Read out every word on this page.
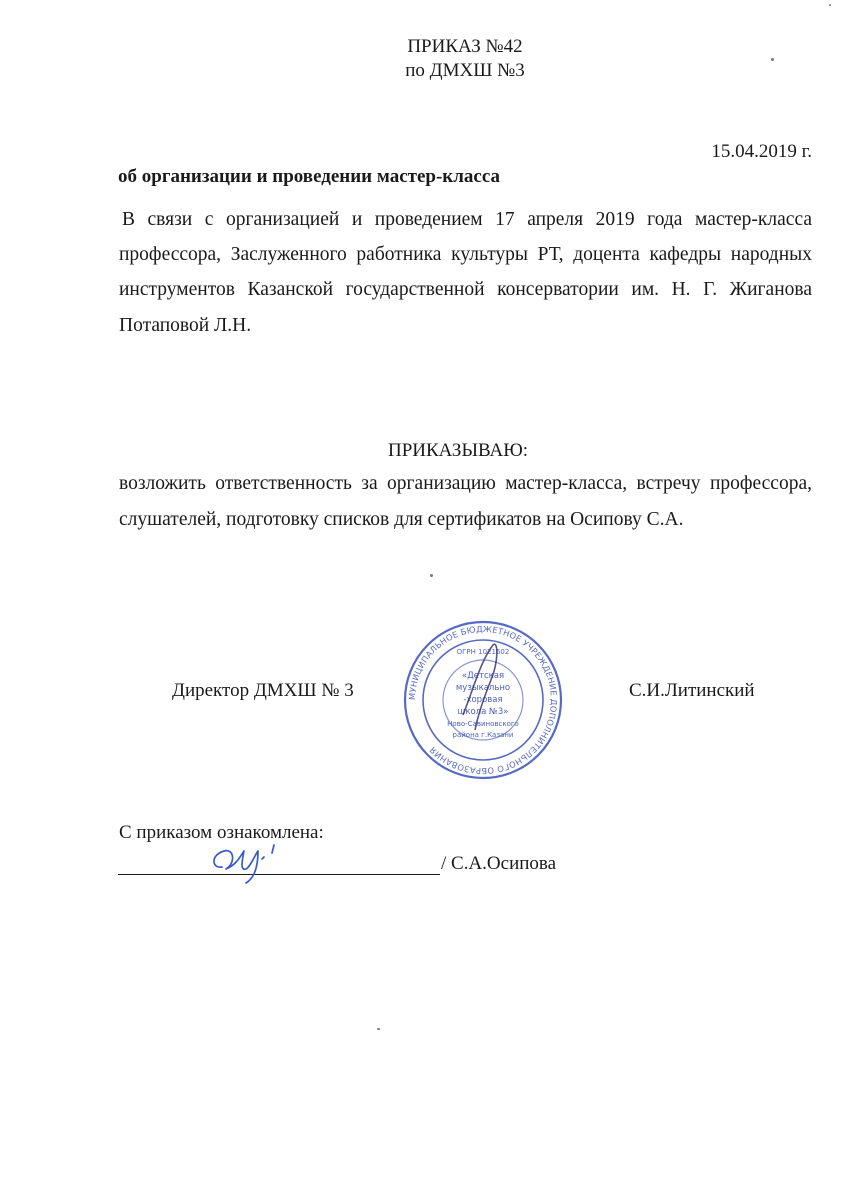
ПРИКАЗ №42
по ДМХШ №3
15.04.2019 г.
об организации и проведении мастер-класса
В связи с организацией и проведением 17 апреля 2019 года мастер-класса
профессора, Заслуженного работника культуры РТ, доцента кафедры народных
инструментов Казанской государственной консерватории им. Н. Г. Жиганова
Потаповой Л.Н.
ПРИКАЗЫВАЮ:
возложить ответственность за организацию мастер-класса, встречу профессора,
слушателей, подготовку списков для сертификатов на Осипову С.А.
Директор ДМХШ № 3	С.И.Литинский
МУНИЦИПАЛЬНОЕ БЮДЖЕТНОЕ УЧРЕЖДЕНИЕ ДОПОЛНИТЕЛЬНОГО ОБРАЗОВАНИЯ
ОГРН 1021602
«Детская
музыкально
-хоровая
школа №3»
Ново-Савиновского
района г.Казани
С приказом ознакомлена:
/ С.А.Осипова
